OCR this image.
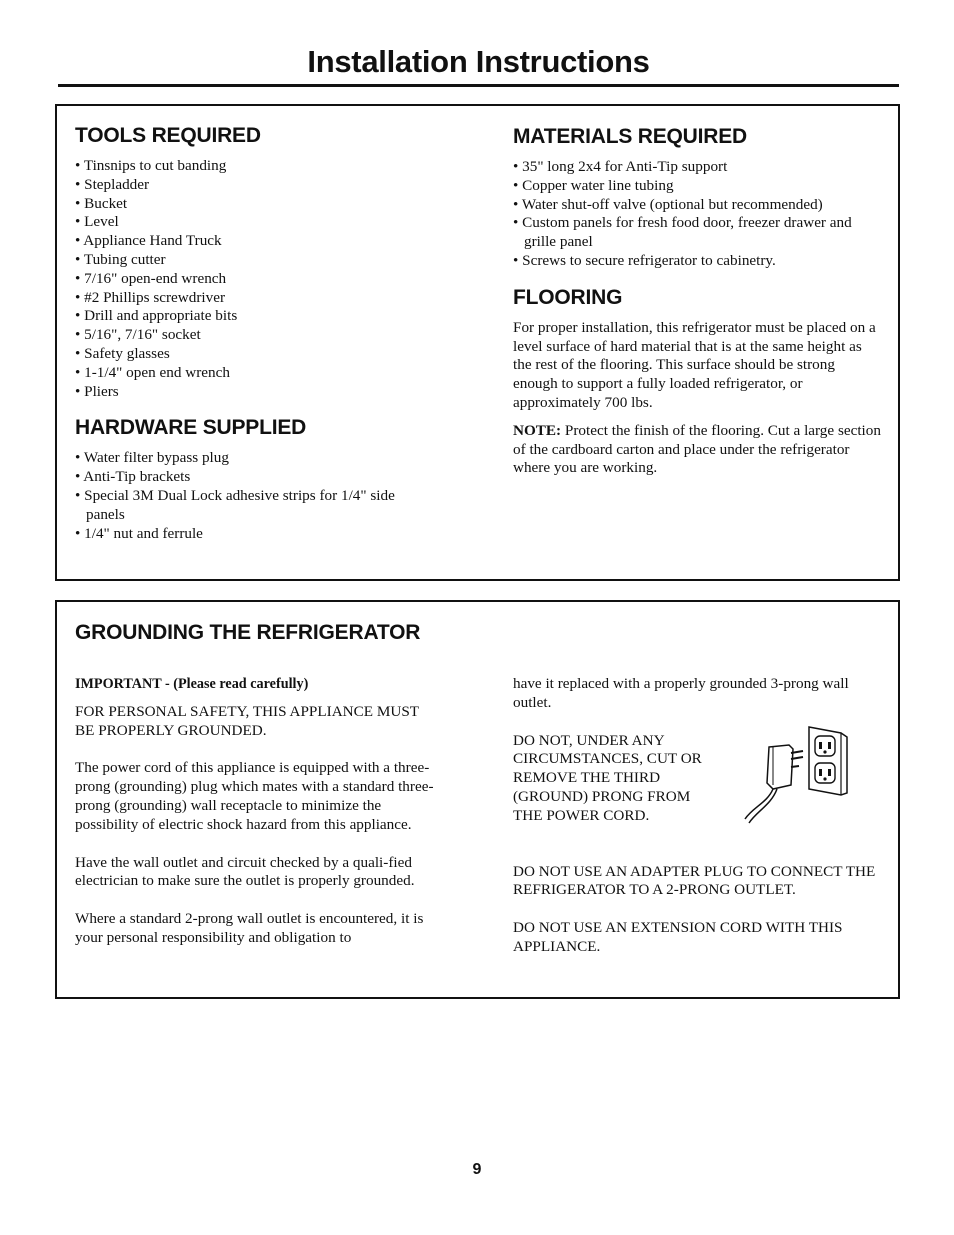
Installation Instructions
TOOLS REQUIRED
• Tinsnips to cut banding
• Stepladder
• Bucket
• Level
• Appliance Hand Truck
• Tubing cutter
• 7/16" open-end wrench
• #2 Phillips screwdriver
• Drill and appropriate bits
• 5/16", 7/16" socket
• Safety glasses
• 1-1/4" open end wrench
• Pliers
HARDWARE SUPPLIED
• Water filter bypass plug
• Anti-Tip brackets
• Special 3M Dual Lock adhesive strips for 1/4" side panels
• 1/4" nut and ferrule
MATERIALS REQUIRED
• 35" long 2x4 for Anti-Tip support
• Copper water line tubing
• Water shut-off valve (optional but recommended)
• Custom panels for fresh food door, freezer drawer and grille panel
• Screws to secure refrigerator to cabinetry.
FLOORING

For proper installation, this refrigerator must be placed on a level surface of hard material that is at the same height as the rest of the flooring. This surface should be strong enough to support a fully loaded refrigerator, or approximately 700 lbs.

NOTE: Protect the finish of the flooring. Cut a large section of the cardboard carton and place under the refrigerator where you are working.

GROUNDING THE REFRIGERATOR

IMPORTANT - (Please read carefully)

FOR PERSONAL SAFETY, THIS APPLIANCE MUST BE PROPERLY GROUNDED.

The power cord of this appliance is equipped with a three-prong (grounding) plug which mates with a standard three-prong (grounding) wall receptacle to minimize the possibility of electric shock hazard from this appliance.

Have the wall outlet and circuit checked by a quali-fied electrician to make sure the outlet is properly grounded.

Where a standard 2-prong wall outlet is encountered, it is your personal responsibility and obligation to

have it replaced with a properly grounded 3-prong wall outlet.

DO NOT, UNDER ANY CIRCUMSTANCES, CUT OR REMOVE THE THIRD (GROUND) PRONG FROM THE POWER CORD.

DO NOT USE AN ADAPTER PLUG TO CONNECT THE REFRIGERATOR TO A 2-PRONG OUTLET.

DO NOT USE AN EXTENSION CORD WITH THIS APPLIANCE.

9
